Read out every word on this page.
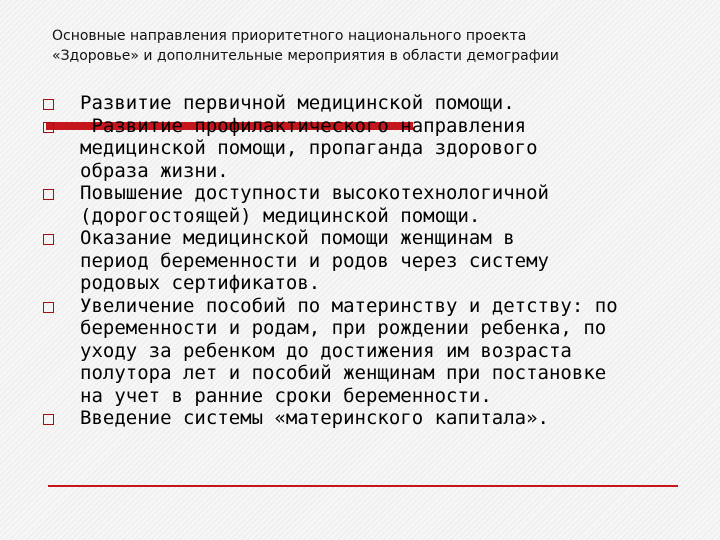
Основные направления приоритетного национального проекта
«Здоровье» и дополнительные мероприятия в области демографии
Развитие первичной медицинской помощи.
Развитие профилактического направления
медицинской помощи, пропаганда здорового
образа жизни.
Повышение доступности высокотехнологичной
(дорогостоящей) медицинской помощи.
Оказание медицинской помощи женщинам в
период беременности и родов через систему
родовых сертификатов.
Увеличение пособий по материнству и детству: по
беременности и родам, при рождении ребенка, по
уходу за ребенком до достижения им возраста
полутора лет и пособий женщинам при постановке
на учет в ранние сроки беременности.
Введение системы «материнского капитала».
